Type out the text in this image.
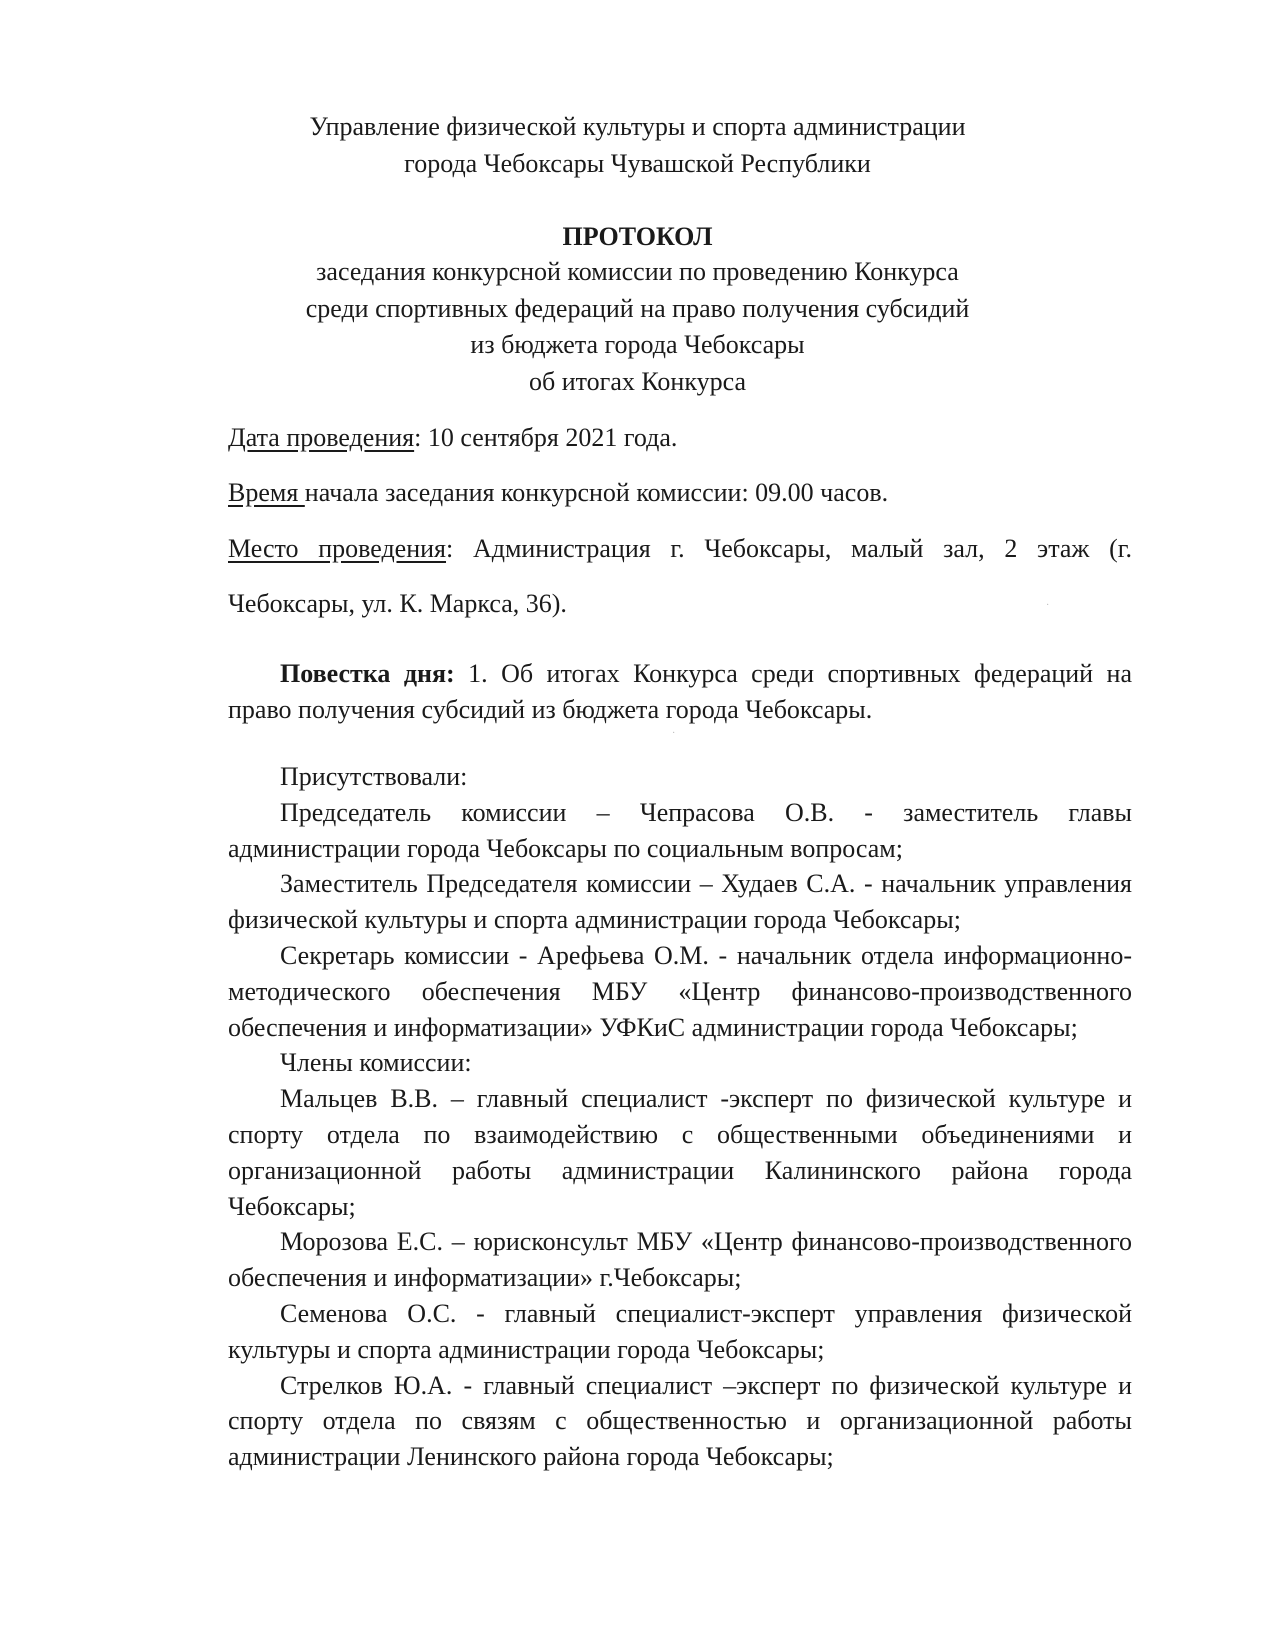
Управление физической культуры и спорта администрации
города Чебоксары Чувашской Республики
ПРОТОКОЛ
заседания конкурсной комиссии по проведению Конкурса
среди спортивных федераций на право получения субсидий
из бюджета города Чебоксары
об итогах Конкурса
Дата проведения: 10 сентября 2021 года.
Время начала заседания конкурсной комиссии: 09.00 часов.
Место проведения: Администрация г. Чебоксары, малый зал, 2 этаж (г.
Чебоксары, ул. К. Маркса, 36).

Повестка дня: 1. Об итогах Конкурса среди спортивных федераций на право получения субсидий из бюджета города Чебоксары.

Присутствовали:

Председатель комиссии – Чепрасова О.В. - заместитель главы администрации города Чебоксары по социальным вопросам;

Заместитель Председателя комиссии – Худаев С.А. - начальник управления физической культуры и спорта администрации города Чебоксары;

Секретарь комиссии - Арефьева О.М. - начальник отдела информационно-методического обеспечения МБУ «Центр финансово-производственного обеспечения и информатизации» УФКиС администрации города Чебоксары;

Члены комиссии:

Мальцев В.В. – главный специалист -эксперт по физической культуре и спорту отдела по взаимодействию с общественными объединениями и организационной работы администрации Калининского района города Чебоксары;

Морозова Е.С. – юрисконсульт МБУ «Центр финансово-производственного обеспечения и информатизации» г.Чебоксары;

Семенова О.С. - главный специалист-эксперт управления физической культуры и спорта администрации города Чебоксары;

Стрелков Ю.А. - главный специалист –эксперт по физической культуре и спорту отдела по связям с общественностью и организационной работы администрации Ленинского района города Чебоксары;

·
·
